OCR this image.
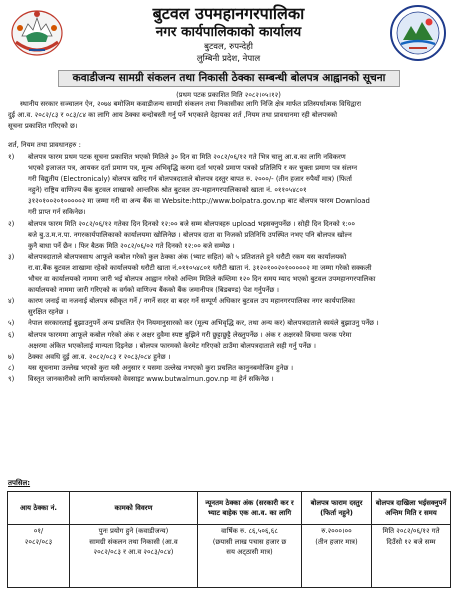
बुटवल उपमहानगरपालिका
नगर कार्यपालिकाको कार्यालय
बुटवल, रुपन्देही
लुम्बिनी प्रदेश, नेपाल
कवाडीजन्य सामग्री संकलन तथा निकासी ठेक्का सम्बन्धी बोलपत्र आह्वानको सूचना
(प्रथम पटक प्रकाशित मिति २०८२।०५।१२)
स्थानीय सरकार सञ्चालन ऐन, २०७४ बमोजिम कवाडीजन्य सामग्री संकलन तथा निकासीका लागि निजि क्षेत्र मार्फत प्रतिस्पर्धात्मक विधिद्वारा
दुई आ.व. २०८२/८३ र ०८३/८४ का लागि आय ठेक्का बन्दोबस्ती गर्नु पर्ने भएकाले देहायका शर्त ,नियम तथा प्रावधानमा रही बोलपत्रको
सूचना प्रकाशित गरिएको छ।
शर्त, नियम तथा प्रावधानहरु :
१)	बोलपत्र फारम प्रथम पटक सूचना प्रकाशित भएको मितिले ३० दिन वा मिति २०८२/०६/१२ गते भित्र चालु आ.व.का लागि नविकरण
भएको इजाजत पत्र, आयकर दर्ता प्रमाण पत्र, मूल्य अभिवृद्धि करमा दर्ता भएको प्रमाण पत्रको प्रतिलिपि र कर चुक्ता प्रमाण पत्र संलग्न
गरी विद्युतीय (Electronicaly) बोलपत्र खरिद गर्न बोलपत्रदाताले बोलपत्र दस्तुर बापत रु. २०००/- (तीन हजार रुपैयाँ मात्र) (फिर्ता
नहुने) राष्ट्रिय वाणिज्य बैंक बुटवल शाखाको आन्तरिक श्रोत बुटवल उप-महानगरपालिकाको खाता नं. ०११०५४८०१
३१२०१००२०१०००००२ मा जम्मा गरी वा अन्य बैंक वा Website:http://www.bolpatra.gov.np बाट बोलपत्र फारम Download
गरी प्राप्त गर्न सकिनेछ।
२)	बोलपत्र फारम मिति २०८२/०६/१२ गतेका दिन दिनको १२:०० बजे सम्म बोलपत्रहरु upload भइसक्नुपर्नेछ । सोही दिन दिनको १:००
बजे बु.उ.म.न.पा. नगरकार्यपालिकाको कार्यालयमा खोलिनेछ । बोलपत्र दाता वा निजको प्रतिनिधि उपस्थित नभए पनि बोलपत्र खोल्न
कुनै बाधा पर्ने छैन । फिर बैठक मिति २०८२/०६/०२ गते दिनको १२:०० बजे सम्मेछ ।
३)	बोलपत्रदाताले बोलपत्रसाथ आफूले कबोल गरेको कुल ठेक्का अंक (भ्याट सहित) को ५ प्रतिशतले हुने धरौटी रकम यस कार्यालयको
रा.वा.बैंक बुटवल शाखामा रहेको कार्यालयको धरौटी खाता नं.०११०५४८०१ धरौटी खाता नं. ३१२०१००२०१०००००२ मा जम्मा गरेको सक्कली
भौचर वा कार्यालयको नाममा जारी भई बोलपत्र आह्वान गरेको अन्तिम मितिले कम्तिमा १२० दिन समय म्याद भएको बुटवल उपमहानगरपालिका
कार्यालयको नाममा जारी गरिएको क वर्गको वाणिज्य बैंकको बैंक जमानीपत्र (बिडबण्ड) पेश गर्नुपर्नेछ ।
४)	कारण जनाई वा नजनाई बोलपत्र स्वीकृत गर्ने / नगर्ने सदर वा बदर गर्ने सम्पूर्ण अधिकार बुटवल उप महानगरपालिका नगर कार्यपालिका
सुरक्षित रहनेछ ।
५)	नेपाल सरकारलाई बुझाउनुपर्ने अन्य प्रचलित ऐन नियमानुसारको कर (मूल्य अभिवृद्धि कर, तथा अन्य कर) बोलपत्रदाताले स्वयंले बुझाउनु पर्नेछ ।
६)	बोलपत्र फारममा आफूले कबोल गरेको अंक र अक्षर दुवैमा स्पष्ट बुझिने गरी छुट्टाछुट्टै लेख्नुपर्नेछ । अंक र अक्षरको विचमा फरक परेमा
अक्षरमा अंकित भएकोलाई मान्यता दिइनेछ । बोलपत्र फारमको केरमेट गरिएको ठाउँमा बोलपत्रदाताले सही गर्नु पर्नेछ ।
७)	ठेक्का अवधि दुई आ.व. २०८२/०८३ र २०८३/०८४ हुनेछ ।
८)	यस सूचनामा उल्लेख भएको कुरा यसै अनुसार र यसमा उल्लेख नभएको कुरा प्रचलित कानुनबमोजिम हुनेछ ।
९)	विस्तृत जानकारीको लागि कार्यालयको वेवसाइट www.butwalmun.gov.np मा हेर्न सकिनेछ ।
तपसिल:
आय ठेक्का नं.	कामको विवरण	न्यूनतम ठेक्का अंक (सरकारी कर र भ्याट बाहेक एक आ.व. का लागि	बोलपत्र फाराम दस्तुर (फिर्ता नहुने)	बोलपत्र दाखिला भईसक्नुपर्ने अन्तिम मिति र समय

०१/
२०८२/०८३	पुनः प्रयोग हुने (कवाडीजन्य)
सामग्री संकलन तथा निकासी (आ.व
२०८२/०८३ र आ.व २०८३/०८४)	वार्षिक रु. ८६,५०६,६८
(छयासी लाख पचास हजार छ
सय अट्‌ठासी मात्र)	रु.२०००।००
(तीन हजार मात्र)	मिति २०८२/०६/१२ गते
दिउँसो १२ बजे सम्म
